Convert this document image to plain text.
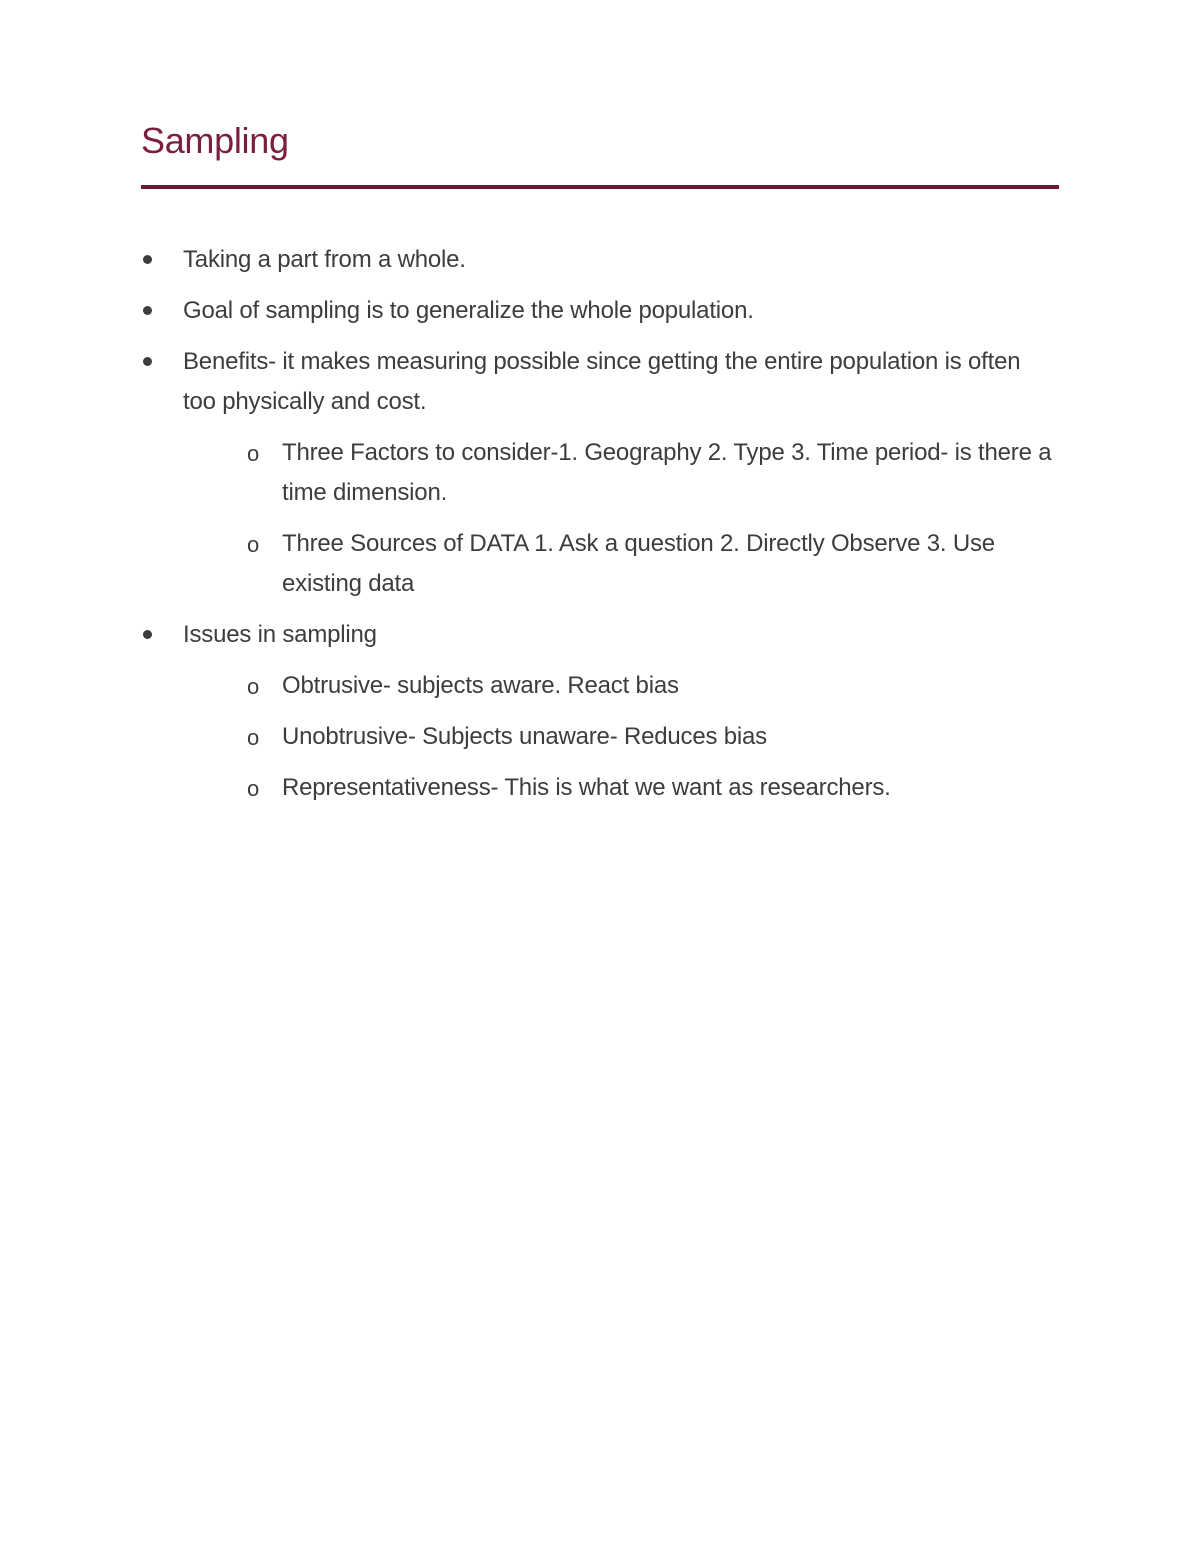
Sampling
Taking a part from a whole.
Goal of sampling is to generalize the whole population.
Benefits- it makes measuring possible since getting the entire population is often too physically and cost.
o Three Factors to consider-1. Geography 2. Type 3. Time period- is there a time dimension.
o Three Sources of DATA 1. Ask a question 2. Directly Observe 3. Use existing data
Issues in sampling
o Obtrusive- subjects aware. React bias
o Unobtrusive- Subjects unaware- Reduces bias
o Representativeness- This is what we want as researchers.
